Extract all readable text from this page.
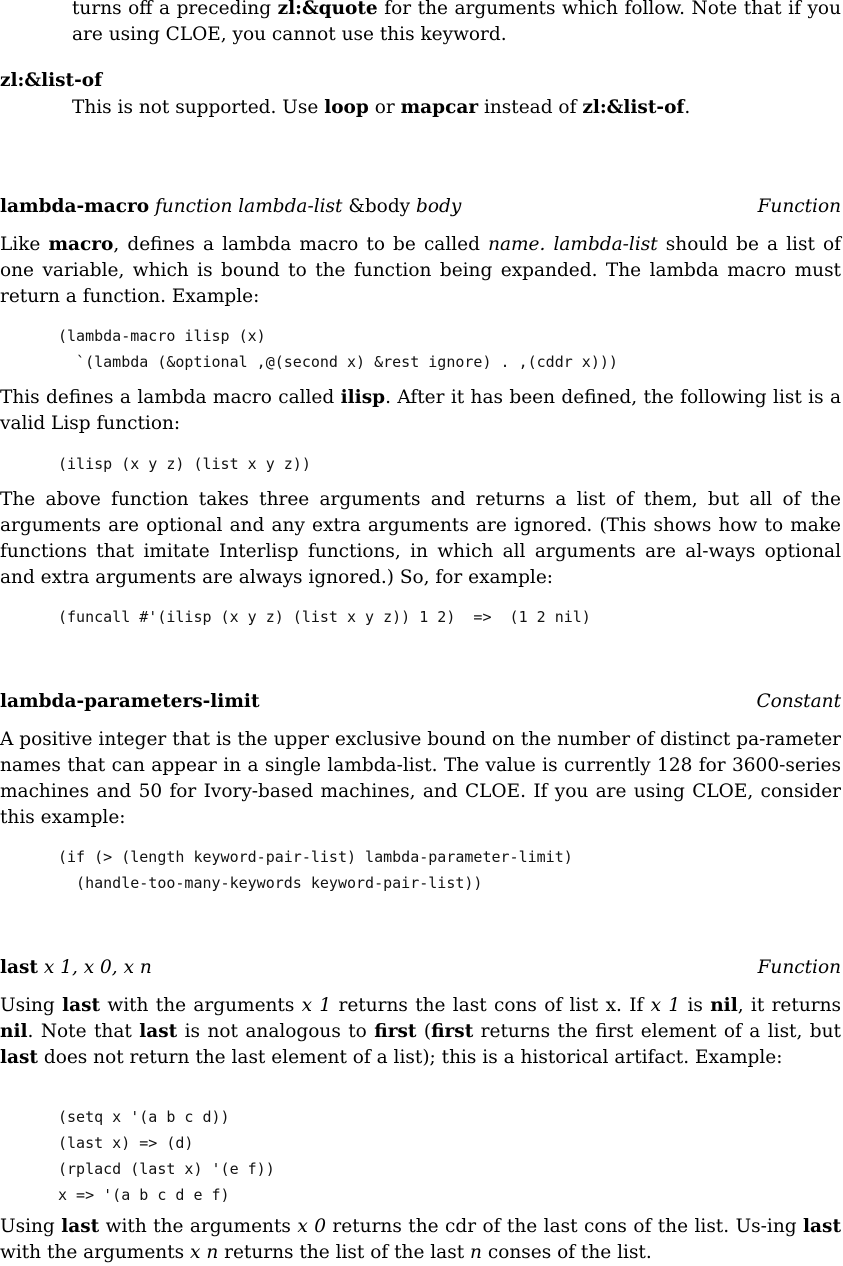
turns off a preceding zl:&quote for the arguments which follow. Note that if you are using CLOE, you cannot use this keyword.
zl:&list-of
This is not supported. Use loop or mapcar instead of zl:&list-of.
lambda-macro function lambda-list &body body	Function
Like macro, defines a lambda macro to be called name. lambda-list should be a list of one variable, which is bound to the function being expanded. The lambda macro must return a function. Example:
(lambda-macro ilisp (x)
`(lambda (&optional ,@(second x) &rest ignore) . ,(cddr x)))
This defines a lambda macro called ilisp. After it has been defined, the following list is a valid Lisp function:
(ilisp (x y z) (list x y z))
The above function takes three arguments and returns a list of them, but all of the arguments are optional and any extra arguments are ignored. (This shows how to make functions that imitate Interlisp functions, in which all arguments are al-ways optional and extra arguments are always ignored.) So, for example:
(funcall #'(ilisp (x y z) (list x y z)) 1 2)  =>  (1 2 nil)
lambda-parameters-limit	Constant
A positive integer that is the upper exclusive bound on the number of distinct pa-rameter names that can appear in a single lambda-list. The value is currently 128 for 3600-series machines and 50 for Ivory-based machines, and CLOE. If you are using CLOE, consider this example:
(if (> (length keyword-pair-list) lambda-parameter-limit)
(handle-too-many-keywords keyword-pair-list))
last x 1, x 0, x n	Function
Using last with the arguments x 1 returns the last cons of list x. If x 1 is nil, it returns nil. Note that last is not analogous to first (first returns the first element of a list, but last does not return the last element of a list); this is a historical artifact. Example:
(setq x '(a b c d))
(last x) => (d)
(rplacd (last x) '(e f))
x => '(a b c d e f)
Using last with the arguments x 0 returns the cdr of the last cons of the list. Us-ing last with the arguments x n returns the list of the last n conses of the list.
